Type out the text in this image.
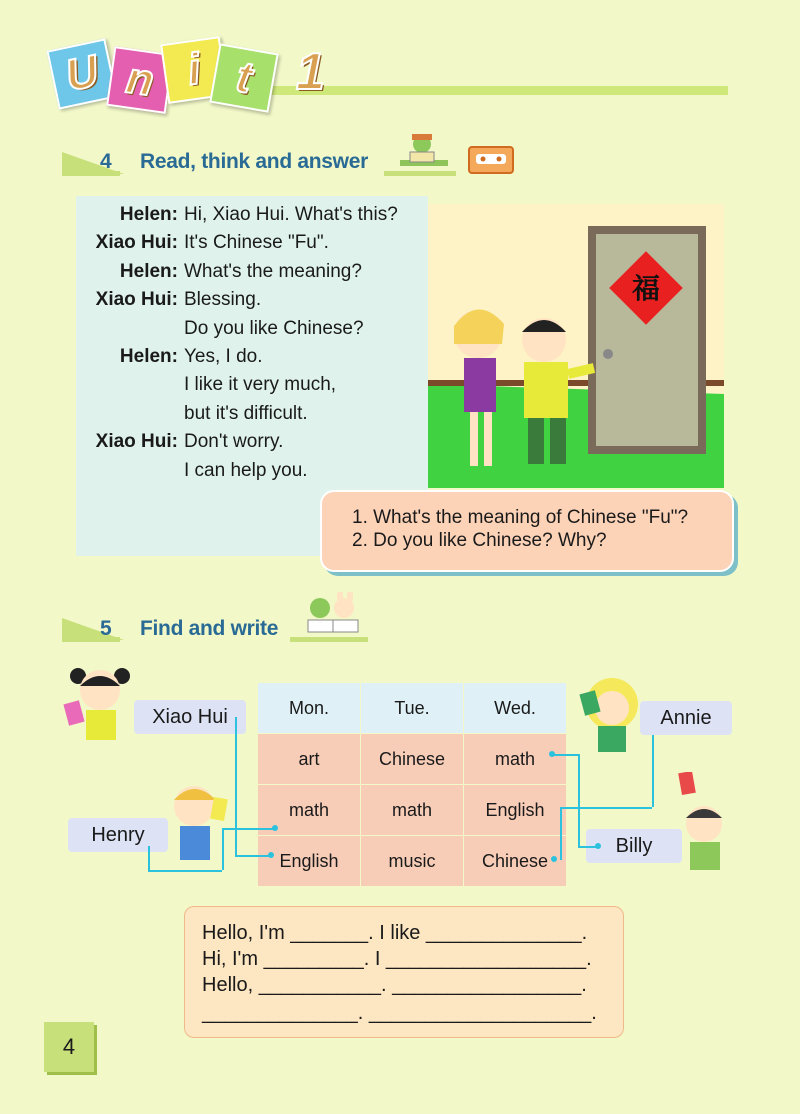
U n i t 1
4 Read, think and answer
Helen: Hi, Xiao Hui. What's this?
Xiao Hui: It's Chinese "Fu".
Helen: What's the meaning?
Xiao Hui: Blessing.
Do you like Chinese?
Helen: Yes, I do.
I like it very much,
but it's difficult.
Xiao Hui: Don't worry.
I can help you.
福
1. What's the meaning of Chinese "Fu"?
2. Do you like Chinese? Why?
5 Find and write
Mon.	Tue.	Wed.
art	Chinese	math
math	math	English
English	music	Chinese
Xiao Hui
Henry
Annie
Billy
Hello, I'm _______. I like ______________.
Hi, I'm _________. I __________________.
Hello, ___________. _________________.
______________. ____________________.
4
